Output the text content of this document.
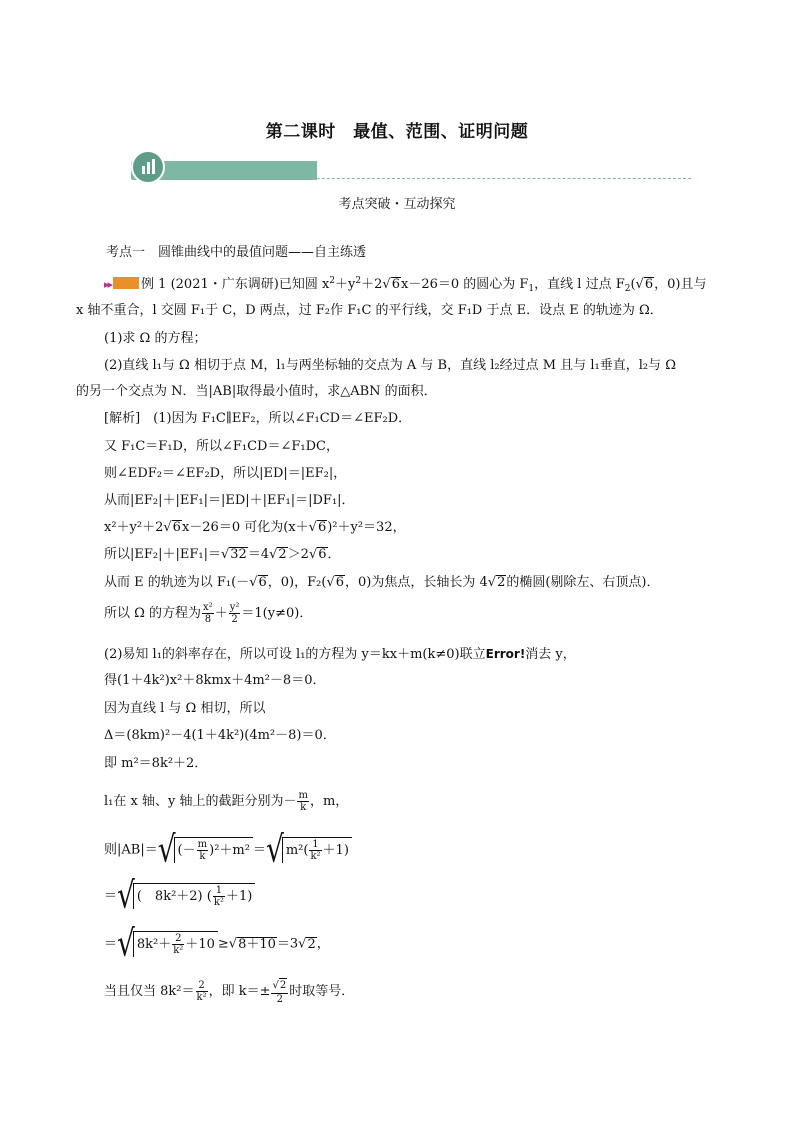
第二课时　最值、范围、证明问题
考点突破・互动探究
考点一　圆锥曲线中的最值问题——自主练透
▸▸ 例 1 (2021・广东调研)已知圆 $x^2+y^2+2√6x-26=0$ 的圆心为 $F_1$，直线 l 过点 $F_2(√6$，0)且与
x 轴不重合，l 交圆 F₁于 C，D 两点，过 F₂作 F₁C 的平行线，交 F₁D 于点 E．设点 E 的轨迹为 Ω．
(1)求 Ω 的方程；
(2)直线 l₁与 Ω 相切于点 M，l₁与两坐标轴的交点为 A 与 B，直线 l₂经过点 M 且与 l₁垂直，l₂与 Ω
的另一个交点为 N．当|AB|取得最小值时，求△ABN 的面积．
[解析]　(1)因为 F₁C∥EF₂，所以∠F₁CD＝∠EF₂D．
又 F₁C＝F₁D，所以∠F₁CD＝∠F₁DC，
则∠EDF₂＝∠EF₂D，所以|ED|＝|EF₂|，
从而|EF₂|＋|EF₁|＝|ED|＋|EF₁|＝|DF₁|．
x²＋y²＋2√6x－26＝0 可化为(x＋√6)²＋y²＝32，
所以|EF₂|＋|EF₁|＝√32＝4√2＞2√6．
从而 E 的轨迹为以 F₁(－√6，0)，F₂(√6，0)为焦点，长轴长为 4√2的椭圆(剔除左、右顶点)．
所以 Ω 的方程为 $\frac{\text{x²}}{8} + \frac{\text{y²}}{2} =1(y\ne 0)$．
(2)易知 l₁的斜率存在，所以可设 l₁的方程为 y＝kx＋m(k≠0)联立Error!消去 y，
得(1＋4k²)x²＋8kmx＋4m²－8＝0．
因为直线 l 与 Ω 相切，所以
Δ＝(8km)²－4(1＋4k²)(4m²－8)＝0．
即 m²＝8k²＋2．
l₁在 x 轴、y 轴上的截距分别为－ $\frac{m}{k}$ ，m，
则|AB|＝ √ (－ $\frac{m}{k} )^2+m^2$ ＝ √ $m^2( \frac{1}{\text{k²}} +1)$
＝ √ (　8k²＋2) ( $\frac{1}{\text{k²}} +1$)
＝ √ $8k^2+ \frac{2}{\text{k²}} +10 \ge√8+10=3√2$，
当且仅当 $8k^2= \frac{2}{\text{k²}}$ ，即 $k=\pm \frac{√2}{2}$ 时取等号．
